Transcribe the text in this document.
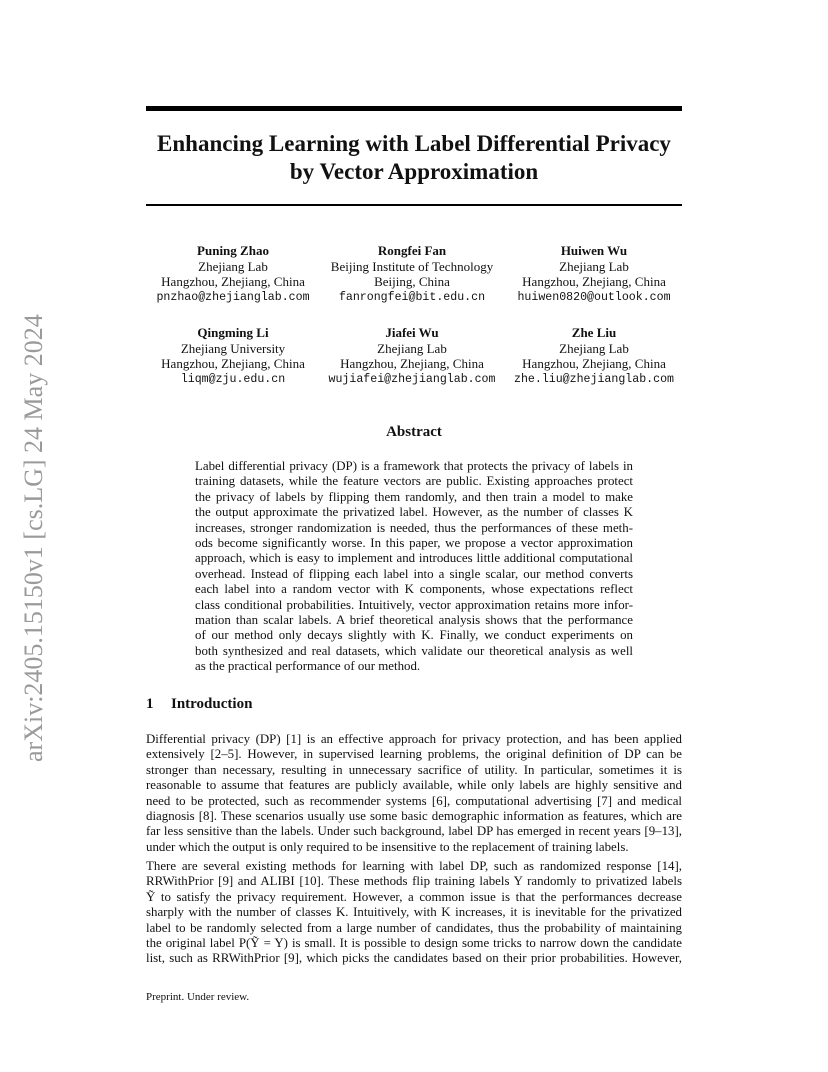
arXiv:2405.15150v1 [cs.LG] 24 May 2024
Enhancing Learning with Label Differential Privacy
by Vector Approximation
Puning Zhao
Zhejiang Lab
Hangzhou, Zhejiang, China
pnzhao@zhejianglab.com
Rongfei Fan
Beijing Institute of Technology
Beijing, China
fanrongfei@bit.edu.cn
Huiwen Wu
Zhejiang Lab
Hangzhou, Zhejiang, China
huiwen0820@outlook.com
Qingming Li
Zhejiang University
Hangzhou, Zhejiang, China
liqm@zju.edu.cn
Jiafei Wu
Zhejiang Lab
Hangzhou, Zhejiang, China
wujiafei@zhejianglab.com
Zhe Liu
Zhejiang Lab
Hangzhou, Zhejiang, China
zhe.liu@zhejianglab.com
Abstract
Label differential privacy (DP) is a framework that protects the privacy of labels in
training datasets, while the feature vectors are public. Existing approaches protect
the privacy of labels by flipping them randomly, and then train a model to make
the output approximate the privatized label. However, as the number of classes K
increases, stronger randomization is needed, thus the performances of these meth-
ods become significantly worse. In this paper, we propose a vector approximation
approach, which is easy to implement and introduces little additional computational
overhead. Instead of flipping each label into a single scalar, our method converts
each label into a random vector with K components, whose expectations reflect
class conditional probabilities. Intuitively, vector approximation retains more infor-
mation than scalar labels. A brief theoretical analysis shows that the performance
of our method only decays slightly with K. Finally, we conduct experiments on
both synthesized and real datasets, which validate our theoretical analysis as well
as the practical performance of our method.
1 Introduction
Differential privacy (DP) [1] is an effective approach for privacy protection, and has been applied
extensively [2–5]. However, in supervised learning problems, the original definition of DP can be
stronger than necessary, resulting in unnecessary sacrifice of utility. In particular, sometimes it is
reasonable to assume that features are publicly available, while only labels are highly sensitive and
need to be protected, such as recommender systems [6], computational advertising [7] and medical
diagnosis [8]. These scenarios usually use some basic demographic information as features, which are
far less sensitive than the labels. Under such background, label DP has emerged in recent years [9–13],
under which the output is only required to be insensitive to the replacement of training labels.
There are several existing methods for learning with label DP, such as randomized response [14],
RRWithPrior [9] and ALIBI [10]. These methods flip training labels Y randomly to privatized labels
Ỹ to satisfy the privacy requirement. However, a common issue is that the performances decrease
sharply with the number of classes K. Intuitively, with K increases, it is inevitable for the privatized
label to be randomly selected from a large number of candidates, thus the probability of maintaining
the original label P(Ỹ = Y) is small. It is possible to design some tricks to narrow down the candidate
list, such as RRWithPrior [9], which picks the candidates based on their prior probabilities. However,
Preprint. Under review.
